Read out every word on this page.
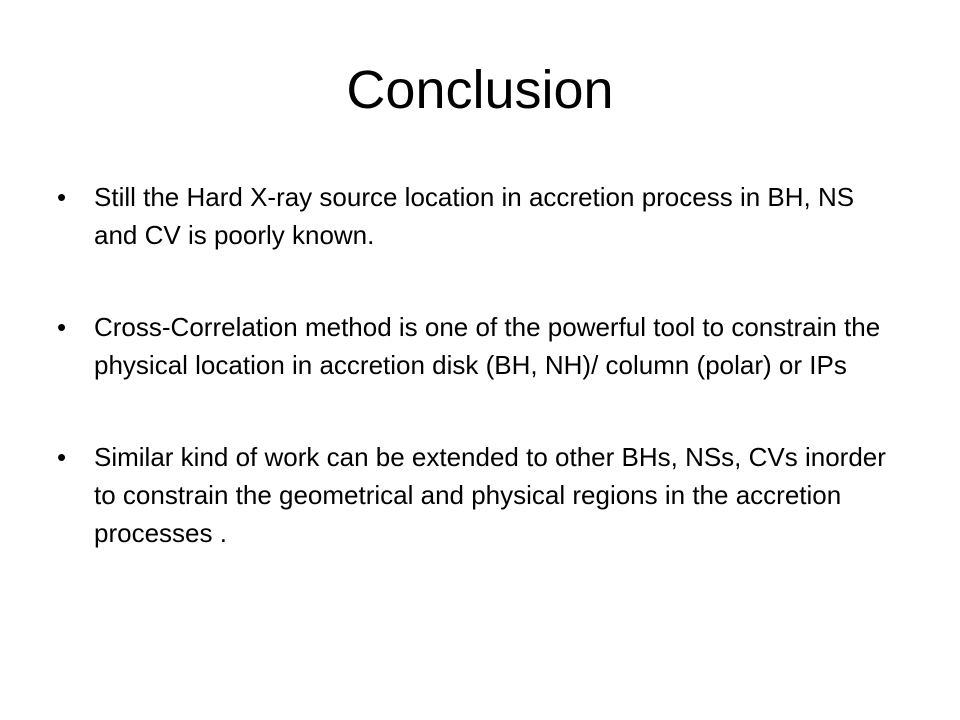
Conclusion
•	Still the Hard X-ray source location in accretion process in BH, NS and CV is poorly known.
•	Cross-Correlation method is one of the powerful tool to constrain the physical location in accretion disk (BH, NH)/ column (polar) or IPs
•	Similar kind of work can be extended to other BHs, NSs, CVs inorder to constrain the geometrical and physical regions in the accretion processes .
